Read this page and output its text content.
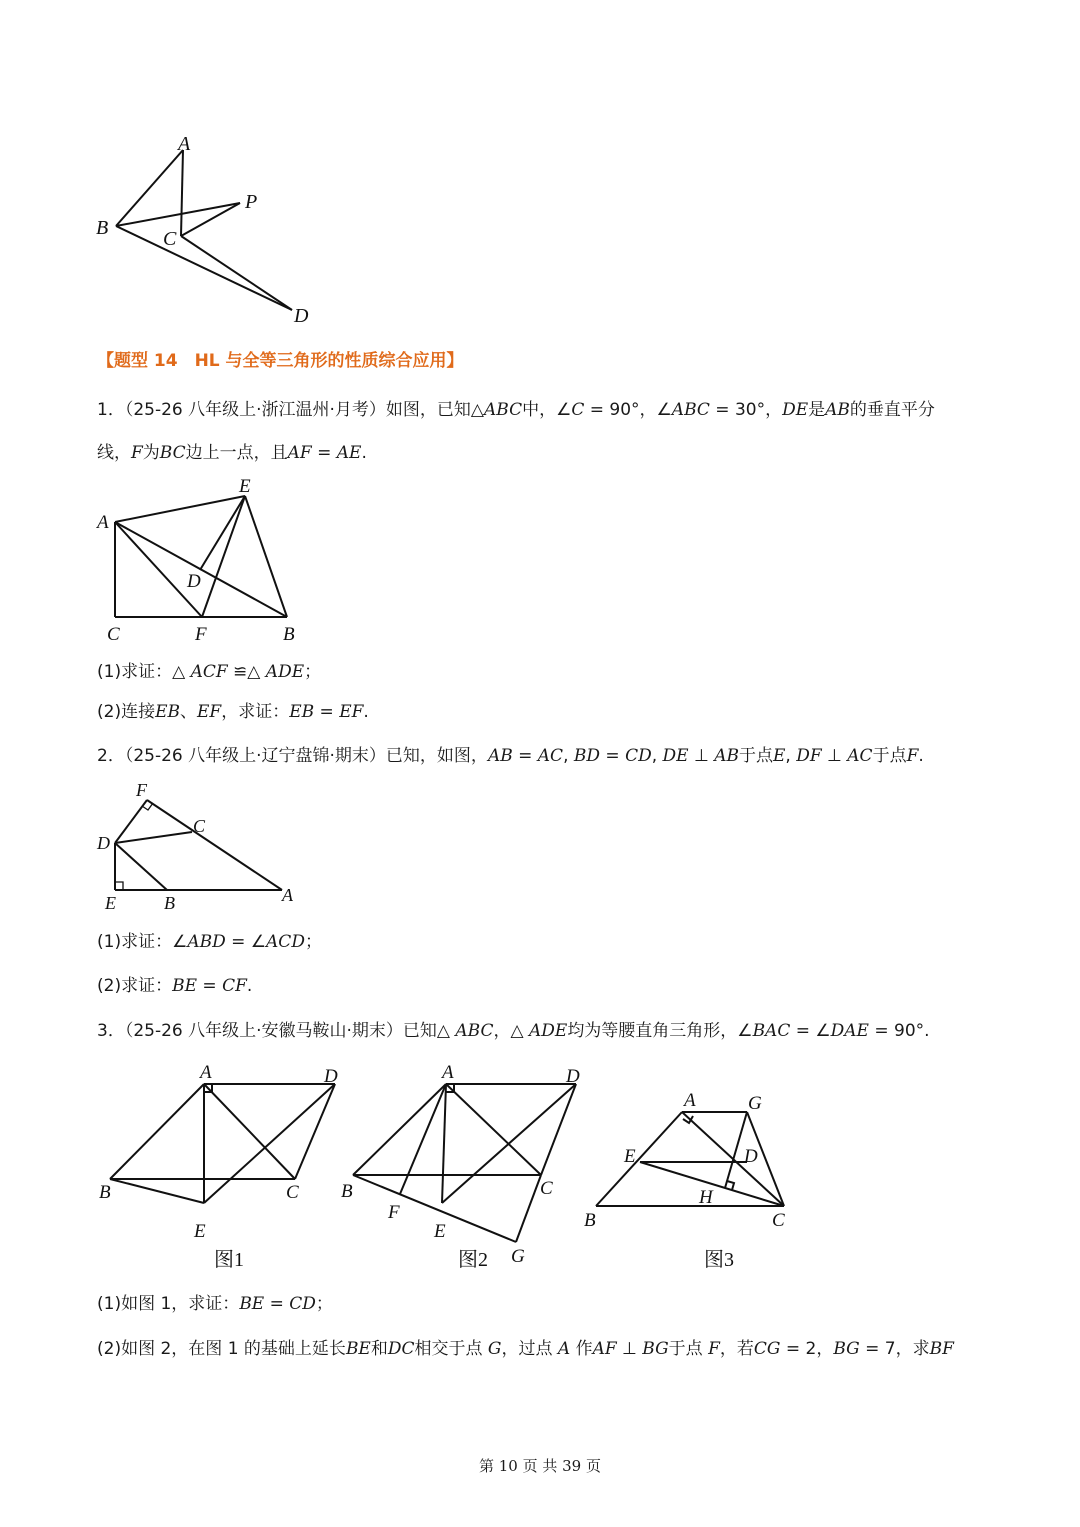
A
B	C
P
D
【题型 14　HL 与全等三角形的性质综合应用】
1．（25-26 八年级上·浙江温州·月考）如图，已知△ABC中，∠C = 90°，∠ABC = 30°，DE是AB的垂直平分
线，F为BC边上一点，且AF = AE.
A
E
D
C	F	B
(1)求证：△ ACF ≌△ ADE；
(2)连接EB、EF，求证：EB = EF.
2．（25-26 八年级上·辽宁盘锦·期末）已知，如图，AB = AC, BD = CD, DE ⊥ AB于点E, DF ⊥ AC于点F.
F
C
D
E	B	A
(1)求证：∠ABD = ∠ACD；
(2)求证：BE = CF.
3．（25-26 八年级上·安徽马鞍山·期末）已知△ ABC，△ ADE均为等腰直角三角形，∠BAC = ∠DAE = 90°.
A	D
B	C
E
图1
A	D
B	C
F
E
G
图2
A	G
E	D
H
B	C
图3
(1)如图 1，求证：BE = CD；
(2)如图 2，在图 1 的基础上延长BE和DC相交于点 G，过点 A 作AF ⊥ BG于点 F，若CG = 2，BG = 7，求BF
第 10 页 共 39 页
